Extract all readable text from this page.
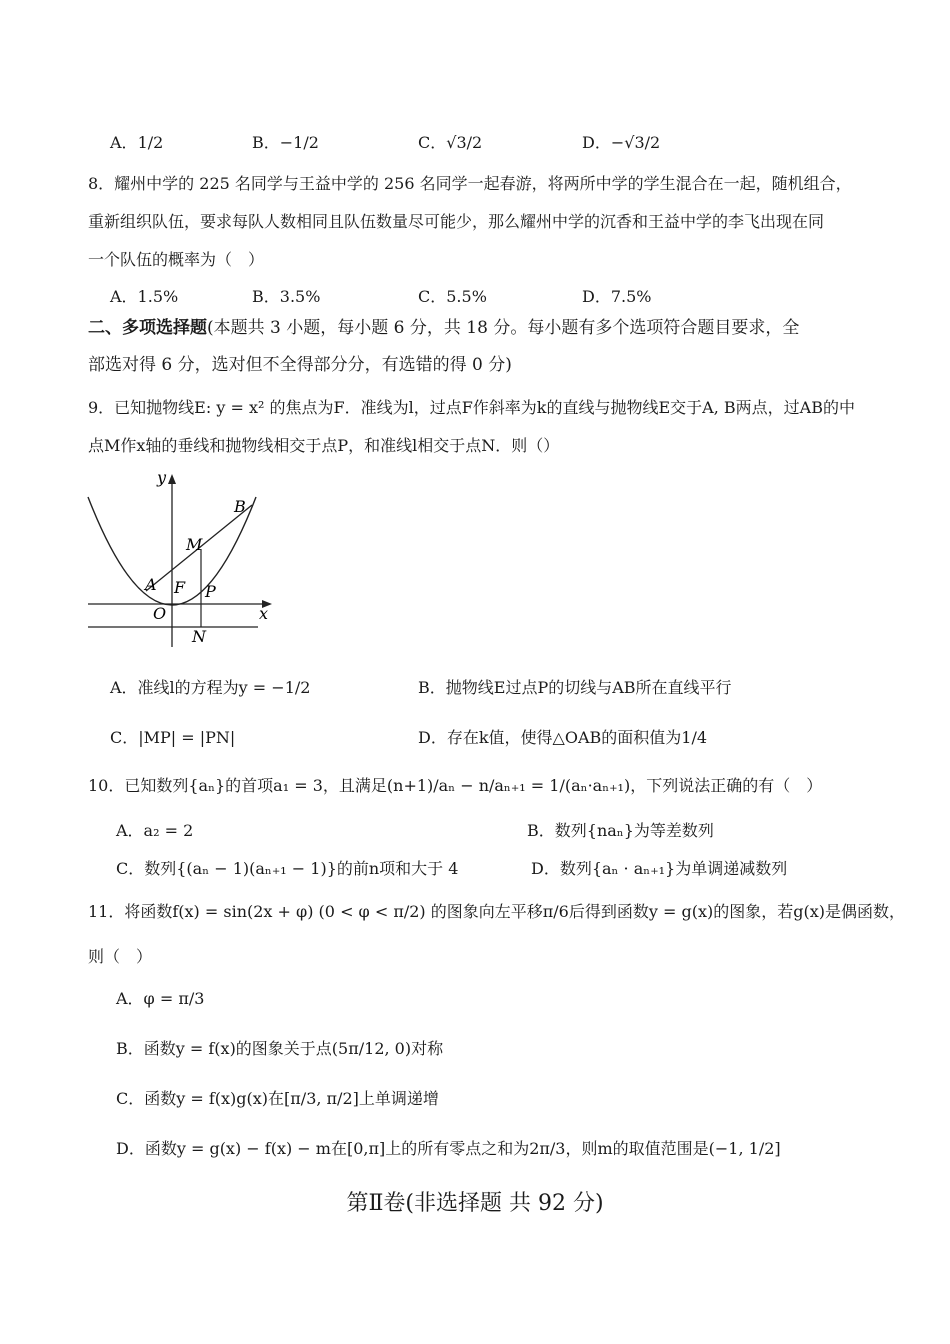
A．1/2	B．−1/2	C．√3/2	D．−√3/2
8．耀州中学的 225 名同学与王益中学的 256 名同学一起春游，将两所中学的学生混合在一起，随机组合，
重新组织队伍，要求每队人数相同且队伍数量尽可能少，那么耀州中学的沉香和王益中学的李飞出现在同
一个队伍的概率为（　）
A．1.5%	B．3.5%	C．5.5%	D．7.5%
二、多项选择题(本题共 3 小题，每小题 6 分，共 18 分。每小题有多个选项符合题目要求，全
部选对得 6 分，选对但不全得部分分，有选错的得 0 分)
9．已知抛物线E: y = x² 的焦点为F．准线为l，过点F作斜率为k的直线与抛物线E交于A, B两点，过AB的中
点M作x轴的垂线和抛物线相交于点P，和准线l相交于点N．则（）
y
B
M
A F P
O	x
N
A．准线l的方程为y = −1/2	B．抛物线E过点P的切线与AB所在直线平行
C．|MP| = |PN|	D．存在k值，使得△OAB的面积值为1/4
10．已知数列{aₙ}的首项a₁ = 3，且满足(n+1)/aₙ − n/aₙ₊₁ = 1/(aₙ·aₙ₊₁)，下列说法正确的有（　）
A．a₂ = 2	B．数列{naₙ}为等差数列
C．数列{(aₙ − 1)(aₙ₊₁ − 1)}的前n项和大于 4	D．数列{aₙ · aₙ₊₁}为单调递减数列
11．将函数f(x) = sin(2x + φ) (0 < φ < π/2) 的图象向左平移π/6后得到函数y = g(x)的图象，若g(x)是偶函数，
则（　）
A．φ = π/3
B．函数y = f(x)的图象关于点(5π/12, 0)对称
C．函数y = f(x)g(x)在[π/3, π/2]上单调递增
D．函数y = g(x) − f(x) − m在[0,π]上的所有零点之和为2π/3，则m的取值范围是(−1, 1/2]
第Ⅱ卷(非选择题 共 92 分)
